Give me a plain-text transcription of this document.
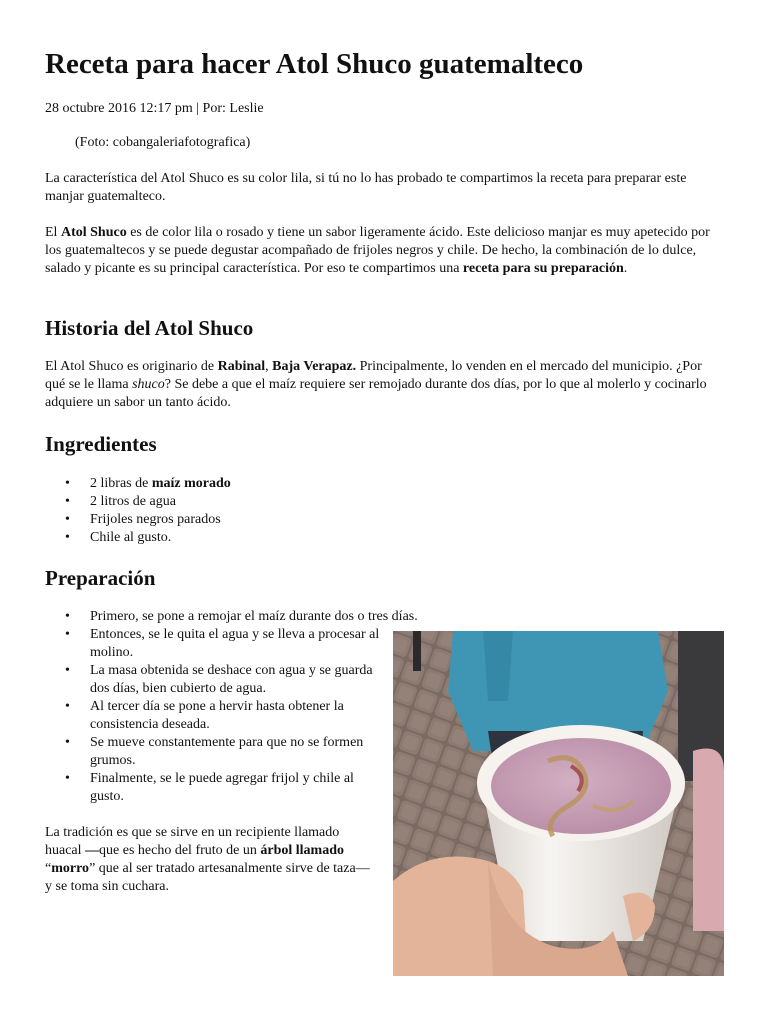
Receta para hacer Atol Shuco guatemalteco

28 octubre 2016 12:17 pm | Por: Leslie

(Foto: cobangaleriafotografica)

La característica del Atol Shuco es su color lila, si tú no lo has probado te compartimos la receta para preparar este manjar guatemalteco.

El Atol Shuco es de color lila o rosado y tiene un sabor ligeramente ácido. Este delicioso manjar es muy apetecido por los guatemaltecos y se puede degustar acompañado de frijoles negros y chile. De hecho, la combinación de lo dulce, salado y picante es su principal característica. Por eso te compartimos una receta para su preparación.

Historia del Atol Shuco

El Atol Shuco es originario de Rabinal, Baja Verapaz. Principalmente, lo venden en el mercado del municipio. ¿Por qué se le llama shuco? Se debe a que el maíz requiere ser remojado durante dos días, por lo que al molerlo y cocinarlo adquiere un sabor un tanto ácido.

Ingredientes
• 2 libras de maíz morado
• 2 litros de agua
• Frijoles negros parados
• Chile al gusto.
Preparación
• Primero, se pone a remojar el maíz durante dos o tres días.
• Entonces, se le quita el agua y se lleva a procesar al molino.
• La masa obtenida se deshace con agua y se guarda dos días, bien cubierto de agua.
• Al tercer día se pone a hervir hasta obtener la consistencia deseada.
• Se mueve constantemente para que no se formen grumos.
• Finalmente, se le puede agregar frijol y chile al gusto.

La tradición es que se sirve en un recipiente llamado huacal —que es hecho del fruto de un árbol llamado “morro” que al ser tratado artesanalmente sirve de taza— y se toma sin cuchara.
